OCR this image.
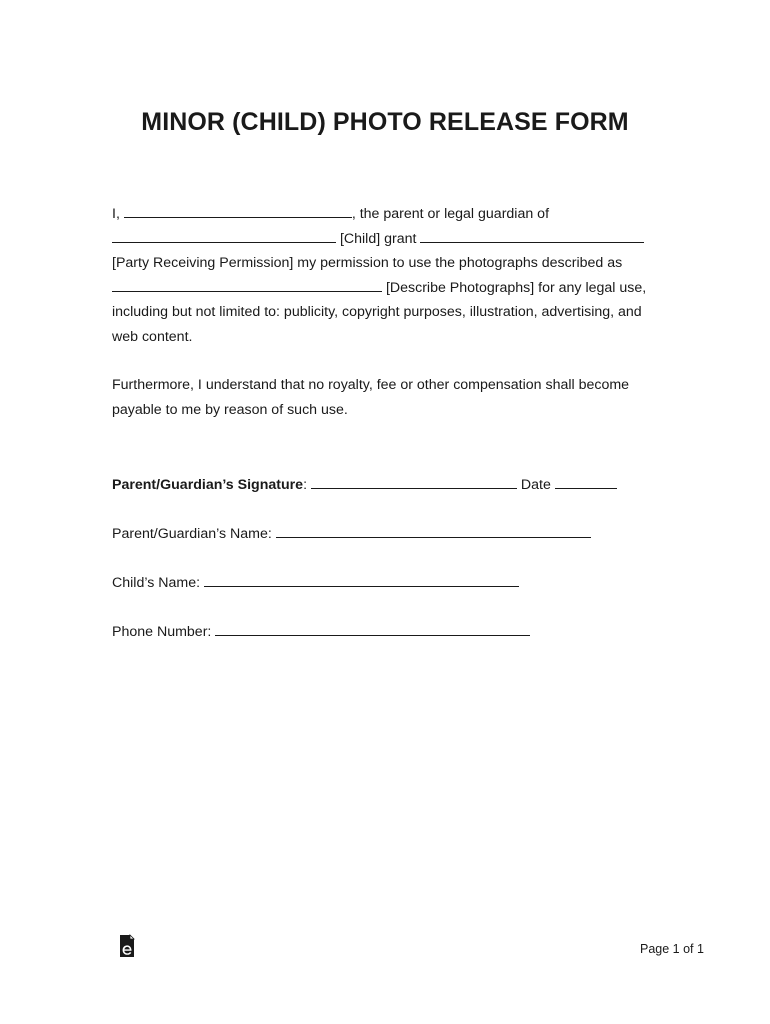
MINOR (CHILD) PHOTO RELEASE FORM

I,	, the parent or legal guardian of
[Child] grant
[Party Receiving Permission] my permission to use the photographs described as
[Describe Photographs] for any legal use,
including but not limited to: publicity, copyright purposes, illustration, advertising, and web content.

Furthermore, I understand that no royalty, fee or other compensation shall become payable to me by reason of such use.

Parent/Guardian’s Signature:	Date
Parent/Guardian’s Name:
Child’s Name:
Phone Number:
Page 1 of 1
